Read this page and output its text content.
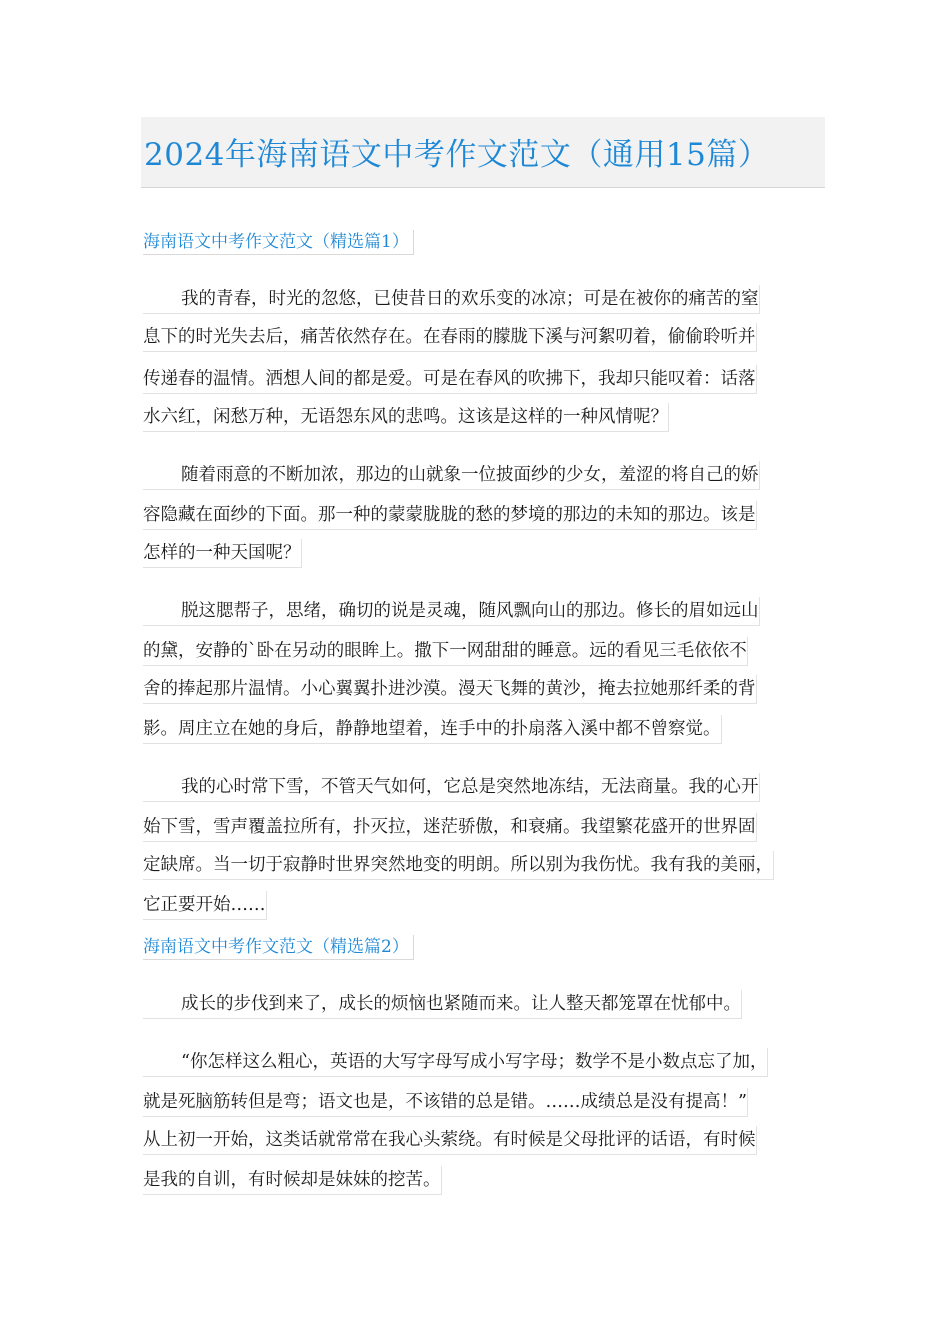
2024年海南语文中考作文范文（通用15篇）
海南语文中考作文范文（精选篇1）
我的青春，时光的忽悠，已使昔日的欢乐变的冰凉；可是在被你的痛苦的窒
息下的时光失去后，痛苦依然存在。在春雨的朦胧下溪与河絮叨着，偷偷聆听并
传递春的温情。洒想人间的都是爱。可是在春风的吹拂下，我却只能叹着：话落
水六红，闲愁万种，无语怨东风的悲鸣。这该是这样的一种风情呢？
随着雨意的不断加浓，那边的山就象一位披面纱的少女，羞涩的将自己的娇
容隐藏在面纱的下面。那一种的蒙蒙胧胧的愁的梦境的那边的未知的那边。该是
怎样的一种天国呢？
脱这腮帮子，思绪，确切的说是灵魂，随风飘向山的那边。修长的眉如远山
的黛，安静的`卧在另动的眼眸上。撒下一网甜甜的睡意。远的看见三毛依依不
舍的捧起那片温情。小心翼翼扑进沙漠。漫天飞舞的黄沙，掩去拉她那纤柔的背
影。周庄立在她的身后，静静地望着，连手中的扑扇落入溪中都不曾察觉。
我的心时常下雪，不管天气如何，它总是突然地冻结，无法商量。我的心开
始下雪，雪声覆盖拉所有，扑灭拉，迷茫骄傲，和衰痛。我望繁花盛开的世界固
定缺席。当一切于寂静时世界突然地变的明朗。所以别为我伤忧。我有我的美丽，
它正要开始……
海南语文中考作文范文（精选篇2）
成长的步伐到来了，成长的烦恼也紧随而来。让人整天都笼罩在忧郁中。
“你怎样这么粗心，英语的大写字母写成小写字母；数学不是小数点忘了加，
就是死脑筋转但是弯；语文也是，不该错的总是错。……成绩总是没有提高！”
从上初一开始，这类话就常常在我心头萦绕。有时候是父母批评的话语，有时候
是我的自训，有时候却是妹妹的挖苦。
